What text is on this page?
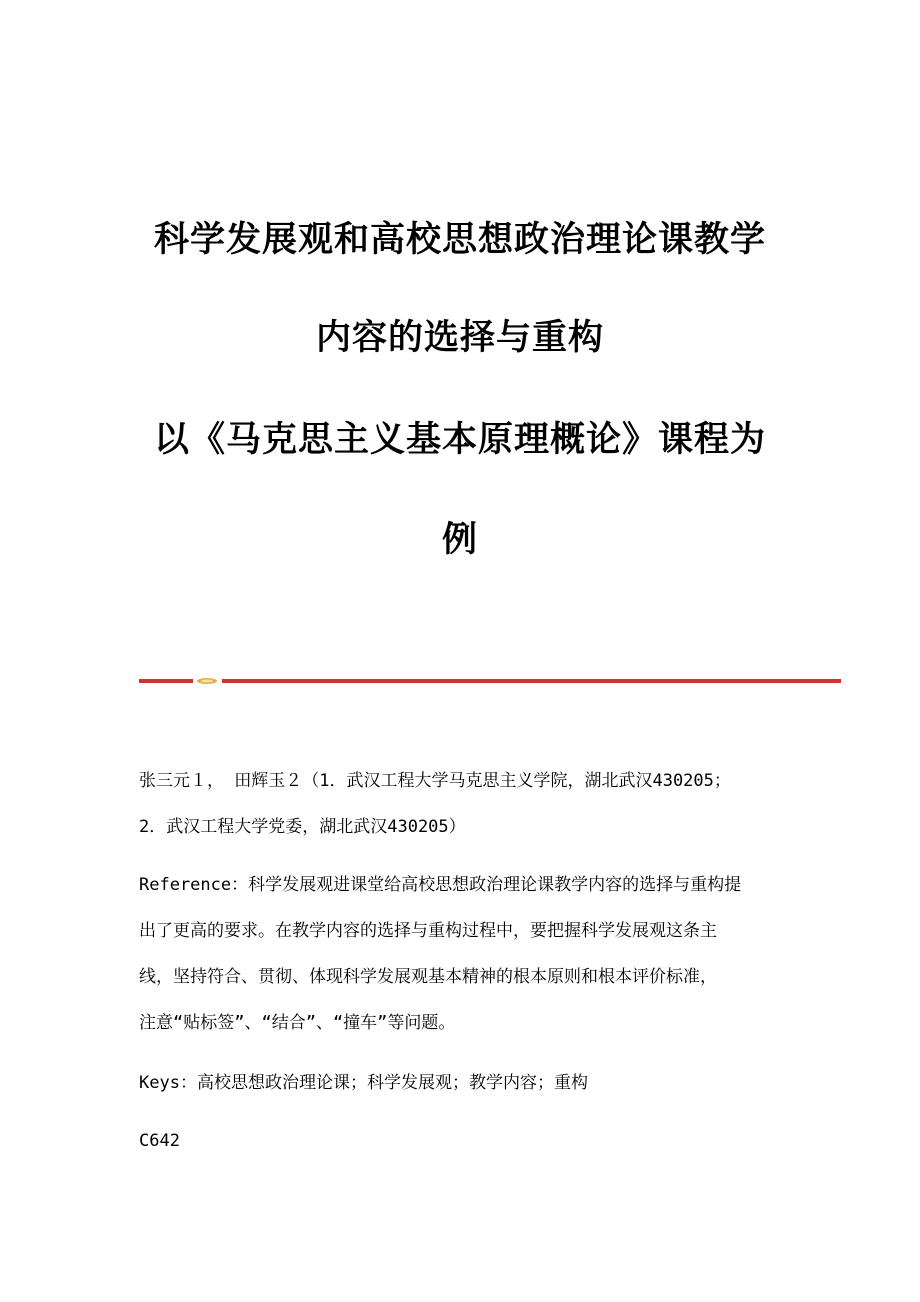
科学发展观和高校思想政治理论课教学
内容的选择与重构
以《马克思主义基本原理概论》课程为
例
张三元１， 田辉玉２（1．武汉工程大学马克思主义学院，湖北武汉430205；
2．武汉工程大学党委，湖北武汉430205）
Reference：科学发展观进课堂给高校思想政治理论课教学内容的选择与重构提
出了更高的要求。在教学内容的选择与重构过程中，要把握科学发展观这条主
线，坚持符合、贯彻、体现科学发展观基本精神的根本原则和根本评价标准，
注意“贴标签”、“结合”、“撞车”等问题。
Keys：高校思想政治理论课；科学发展观；教学内容；重构
C642
